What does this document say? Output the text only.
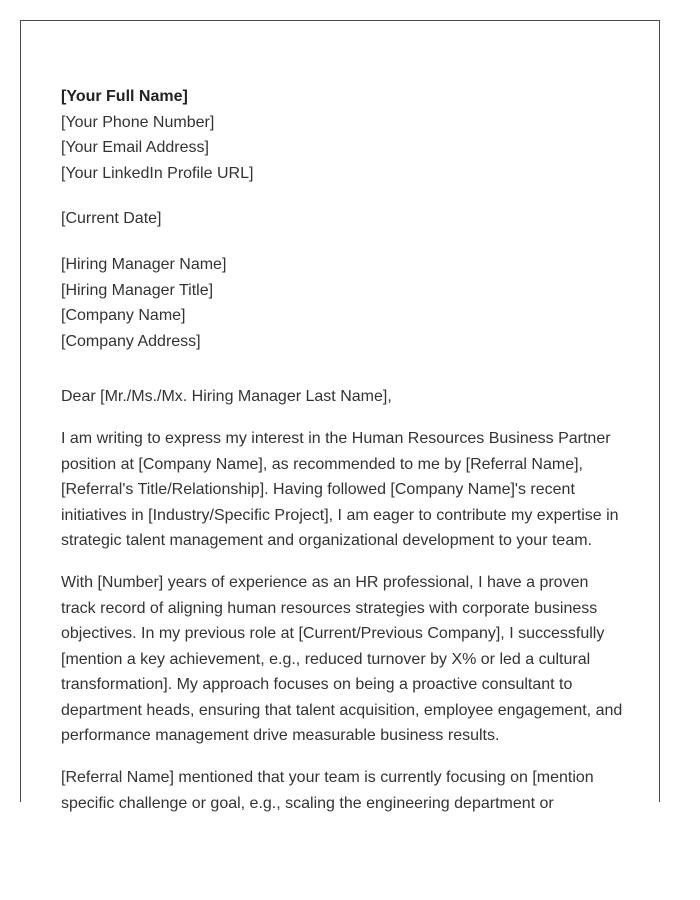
[Your Full Name]
[Your Phone Number]
[Your Email Address]
[Your LinkedIn Profile URL]
[Current Date]
[Hiring Manager Name]
[Hiring Manager Title]
[Company Name]
[Company Address]

Dear [Mr./Ms./Mx. Hiring Manager Last Name],

I am writing to express my interest in the Human Resources Business Partner position at [Company Name], as recommended to me by [Referral Name], [Referral's Title/Relationship]. Having followed [Company Name]'s recent initiatives in [Industry/Specific Project], I am eager to contribute my expertise in strategic talent management and organizational development to your team.

With [Number] years of experience as an HR professional, I have a proven track record of aligning human resources strategies with corporate business objectives. In my previous role at [Current/Previous Company], I successfully [mention a key achievement, e.g., reduced turnover by X% or led a cultural transformation]. My approach focuses on being a proactive consultant to department heads, ensuring that talent acquisition, employee engagement, and performance management drive measurable business results.

[Referral Name] mentioned that your team is currently focusing on [mention specific challenge or goal, e.g., scaling the engineering department or
